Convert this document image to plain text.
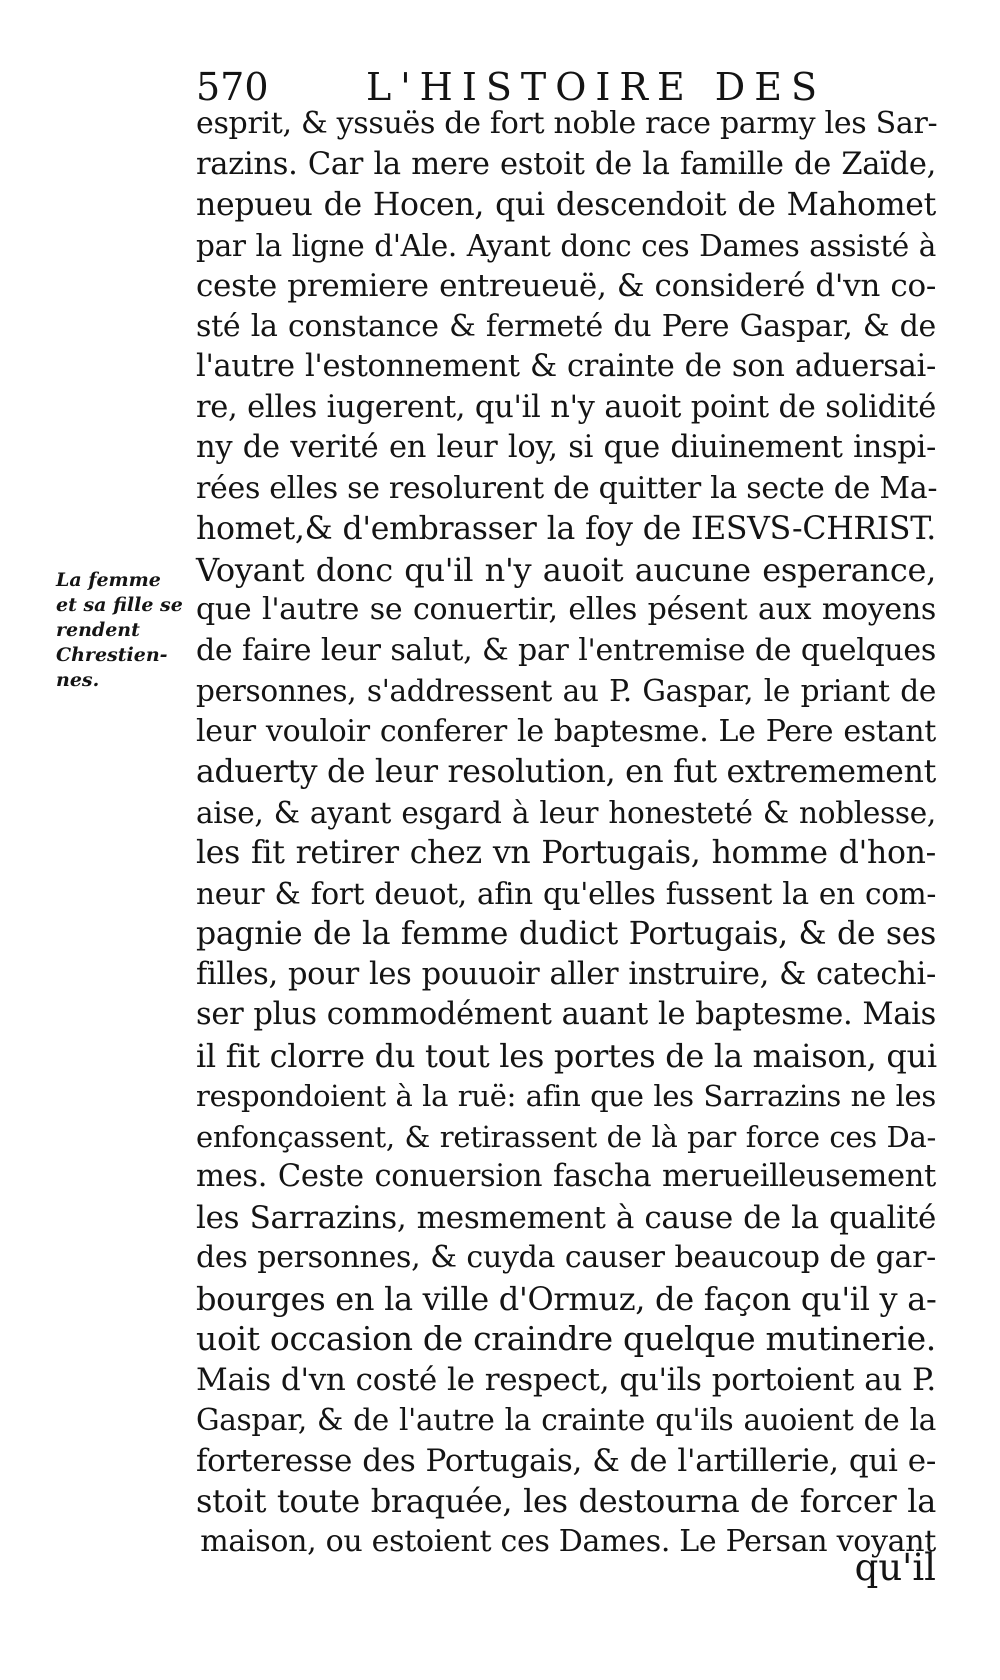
570	L'HISTOIRE DES
La femme
et sa fille se
rendent
Chrestien-
nes.
esprit, & yssuës de fort noble race parmy les Sar-
razins. Car la mere estoit de la famille de Zaïde,
nepueu de Hocen, qui descendoit de Mahomet
par la ligne d'Ale. Ayant donc ces Dames assisté à
ceste premiere entreueuë, & consideré d'vn co-
sté la constance & fermeté du Pere Gaspar, & de
l'autre l'estonnement & crainte de son aduersai-
re, elles iugerent, qu'il n'y auoit point de solidité
ny de verité en leur loy, si que diuinement inspi-
rées elles se resolurent de quitter la secte de Ma-
homet,& d'embrasser la foy de IESVS-CHRIST.
Voyant donc qu'il n'y auoit aucune esperance,
que l'autre se conuertir, elles pésent aux moyens
de faire leur salut, & par l'entremise de quelques
personnes, s'addressent au P. Gaspar, le priant de
leur vouloir conferer le baptesme. Le Pere estant
aduerty de leur resolution, en fut extremement
aise, & ayant esgard à leur honesteté & noblesse,
les fit retirer chez vn Portugais, homme d'hon-
neur & fort deuot, afin qu'elles fussent la en com-
pagnie de la femme dudict Portugais, & de ses
filles, pour les pouuoir aller instruire, & catechi-
ser plus commodément auant le baptesme. Mais
il fit clorre du tout les portes de la maison, qui
respondoient à la ruë: afin que les Sarrazins ne les
enfonçassent, & retirassent de là par force ces Da-
mes. Ceste conuersion fascha merueilleusement
les Sarrazins, mesmement à cause de la qualité
des personnes, & cuyda causer beaucoup de gar-
bourges en la ville d'Ormuz, de façon qu'il y a-
uoit occasion de craindre quelque mutinerie.
Mais d'vn costé le respect, qu'ils portoient au P.
Gaspar, & de l'autre la crainte qu'ils auoient de la
forteresse des Portugais, & de l'artillerie, qui e-
stoit toute braquée, les destourna de forcer la
maison, ou estoient ces Dames. Le Persan voyant
qu'il
